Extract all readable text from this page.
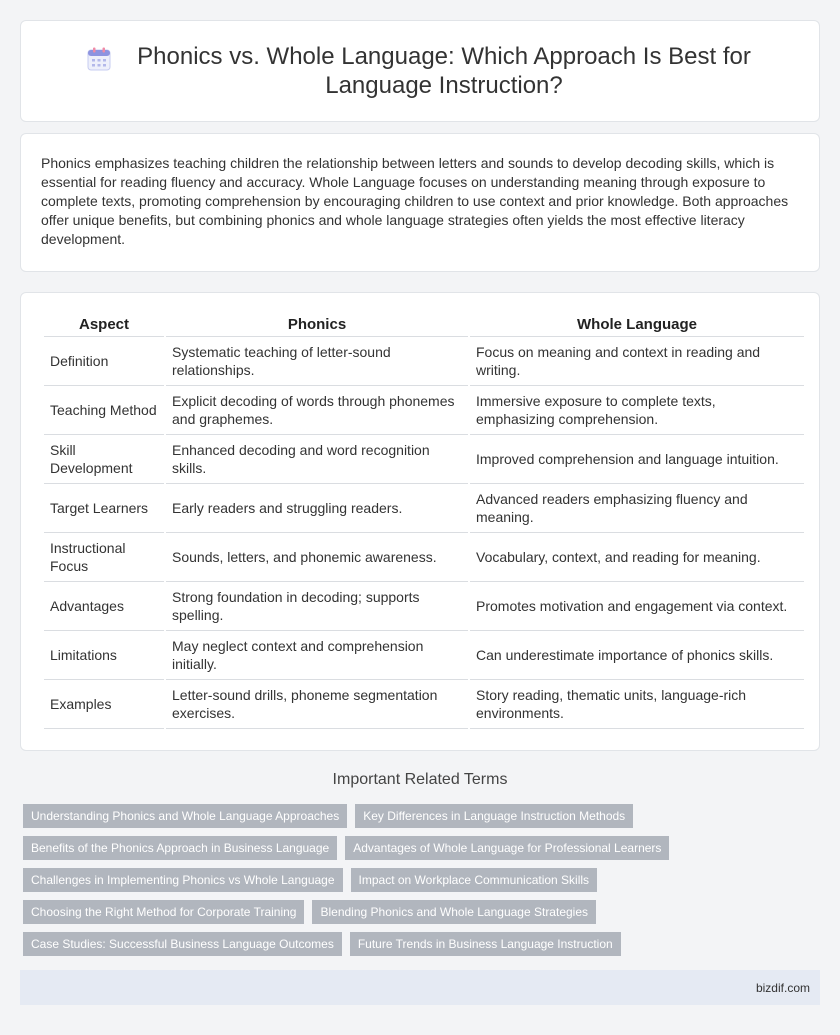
Phonics vs. Whole Language: Which Approach Is Best for Language Instruction?

Phonics emphasizes teaching children the relationship between letters and sounds to develop decoding skills, which is essential for reading fluency and accuracy. Whole Language focuses on understanding meaning through exposure to complete texts, promoting comprehension by encouraging children to use context and prior knowledge. Both approaches offer unique benefits, but combining phonics and whole language strategies often yields the most effective literacy development.

Aspect	Phonics	Whole Language
Definition	Systematic teaching of letter-sound relationships.	Focus on meaning and context in reading and writing.
Teaching Method	Explicit decoding of words through phonemes and graphemes.	Immersive exposure to complete texts, emphasizing comprehension.
Skill Development	Enhanced decoding and word recognition skills.	Improved comprehension and language intuition.
Target Learners	Early readers and struggling readers.	Advanced readers emphasizing fluency and meaning.
Instructional Focus	Sounds, letters, and phonemic awareness.	Vocabulary, context, and reading for meaning.
Advantages	Strong foundation in decoding; supports spelling.	Promotes motivation and engagement via context.
Limitations	May neglect context and comprehension initially.	Can underestimate importance of phonics skills.
Examples	Letter-sound drills, phoneme segmentation exercises.	Story reading, thematic units, language-rich environments.
Important Related Terms
Understanding Phonics and Whole Language Approaches	Key Differences in Language Instruction Methods
Benefits of the Phonics Approach in Business Language	Advantages of Whole Language for Professional Learners
Challenges in Implementing Phonics vs Whole Language	Impact on Workplace Communication Skills
Choosing the Right Method for Corporate Training	Blending Phonics and Whole Language Strategies
Case Studies: Successful Business Language Outcomes	Future Trends in Business Language Instruction
bizdif.com
